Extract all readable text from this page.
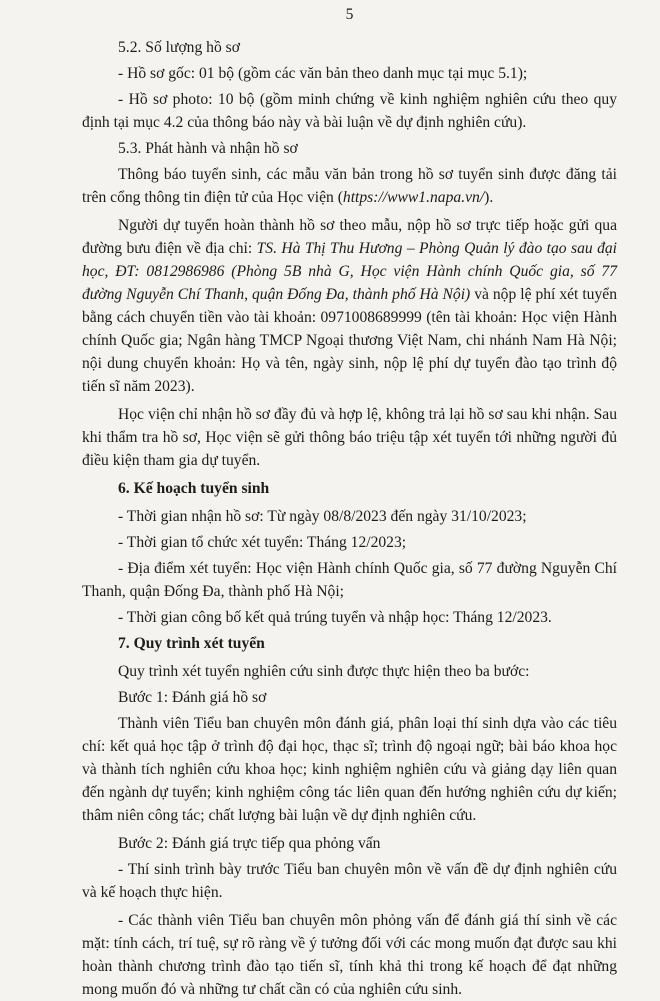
5

5.2. Số lượng hồ sơ

- Hồ sơ gốc: 01 bộ (gồm các văn bản theo danh mục tại mục 5.1);

- Hồ sơ photo: 10 bộ (gồm minh chứng về kinh nghiệm nghiên cứu theo quy định tại mục 4.2 của thông báo này và bài luận về dự định nghiên cứu).

5.3. Phát hành và nhận hồ sơ

Thông báo tuyển sinh, các mẫu văn bản trong hồ sơ tuyển sinh được đăng tải trên cổng thông tin điện tử của Học viện (https://www1.napa.vn/).

Người dự tuyển hoàn thành hồ sơ theo mẫu, nộp hồ sơ trực tiếp hoặc gửi qua đường bưu điện về địa chỉ: TS. Hà Thị Thu Hương – Phòng Quản lý đào tạo sau đại học, ĐT: 0812986986 (Phòng 5B nhà G, Học viện Hành chính Quốc gia, số 77 đường Nguyễn Chí Thanh, quận Đống Đa, thành phố Hà Nội) và nộp lệ phí xét tuyển bằng cách chuyển tiền vào tài khoản: 0971008689999 (tên tài khoản: Học viện Hành chính Quốc gia; Ngân hàng TMCP Ngoại thương Việt Nam, chi nhánh Nam Hà Nội; nội dung chuyển khoản: Họ và tên, ngày sinh, nộp lệ phí dự tuyển đào tạo trình độ tiến sĩ năm 2023).

Học viện chỉ nhận hồ sơ đầy đủ và hợp lệ, không trả lại hồ sơ sau khi nhận. Sau khi thẩm tra hồ sơ, Học viện sẽ gửi thông báo triệu tập xét tuyển tới những người đủ điều kiện tham gia dự tuyển.

6. Kế hoạch tuyển sinh

- Thời gian nhận hồ sơ: Từ ngày 08/8/2023 đến ngày 31/10/2023;

- Thời gian tổ chức xét tuyển: Tháng 12/2023;

- Địa điểm xét tuyển: Học viện Hành chính Quốc gia, số 77 đường Nguyễn Chí Thanh, quận Đống Đa, thành phố Hà Nội;

- Thời gian công bố kết quả trúng tuyển và nhập học: Tháng 12/2023.

7. Quy trình xét tuyển

Quy trình xét tuyển nghiên cứu sinh được thực hiện theo ba bước:

Bước 1: Đánh giá hồ sơ

Thành viên Tiểu ban chuyên môn đánh giá, phân loại thí sinh dựa vào các tiêu chí: kết quả học tập ở trình độ đại học, thạc sĩ; trình độ ngoại ngữ; bài báo khoa học và thành tích nghiên cứu khoa học; kinh nghiệm nghiên cứu và giảng dạy liên quan đến ngành dự tuyển; kinh nghiệm công tác liên quan đến hướng nghiên cứu dự kiến; thâm niên công tác; chất lượng bài luận về dự định nghiên cứu.

Bước 2: Đánh giá trực tiếp qua phỏng vấn

- Thí sinh trình bày trước Tiểu ban chuyên môn về vấn đề dự định nghiên cứu và kế hoạch thực hiện.

- Các thành viên Tiểu ban chuyên môn phỏng vấn để đánh giá thí sinh về các mặt: tính cách, trí tuệ, sự rõ ràng về ý tưởng đối với các mong muốn đạt được sau khi hoàn thành chương trình đào tạo tiến sĩ, tính khả thi trong kế hoạch để đạt những mong muốn đó và những tư chất cần có của nghiên cứu sinh.
